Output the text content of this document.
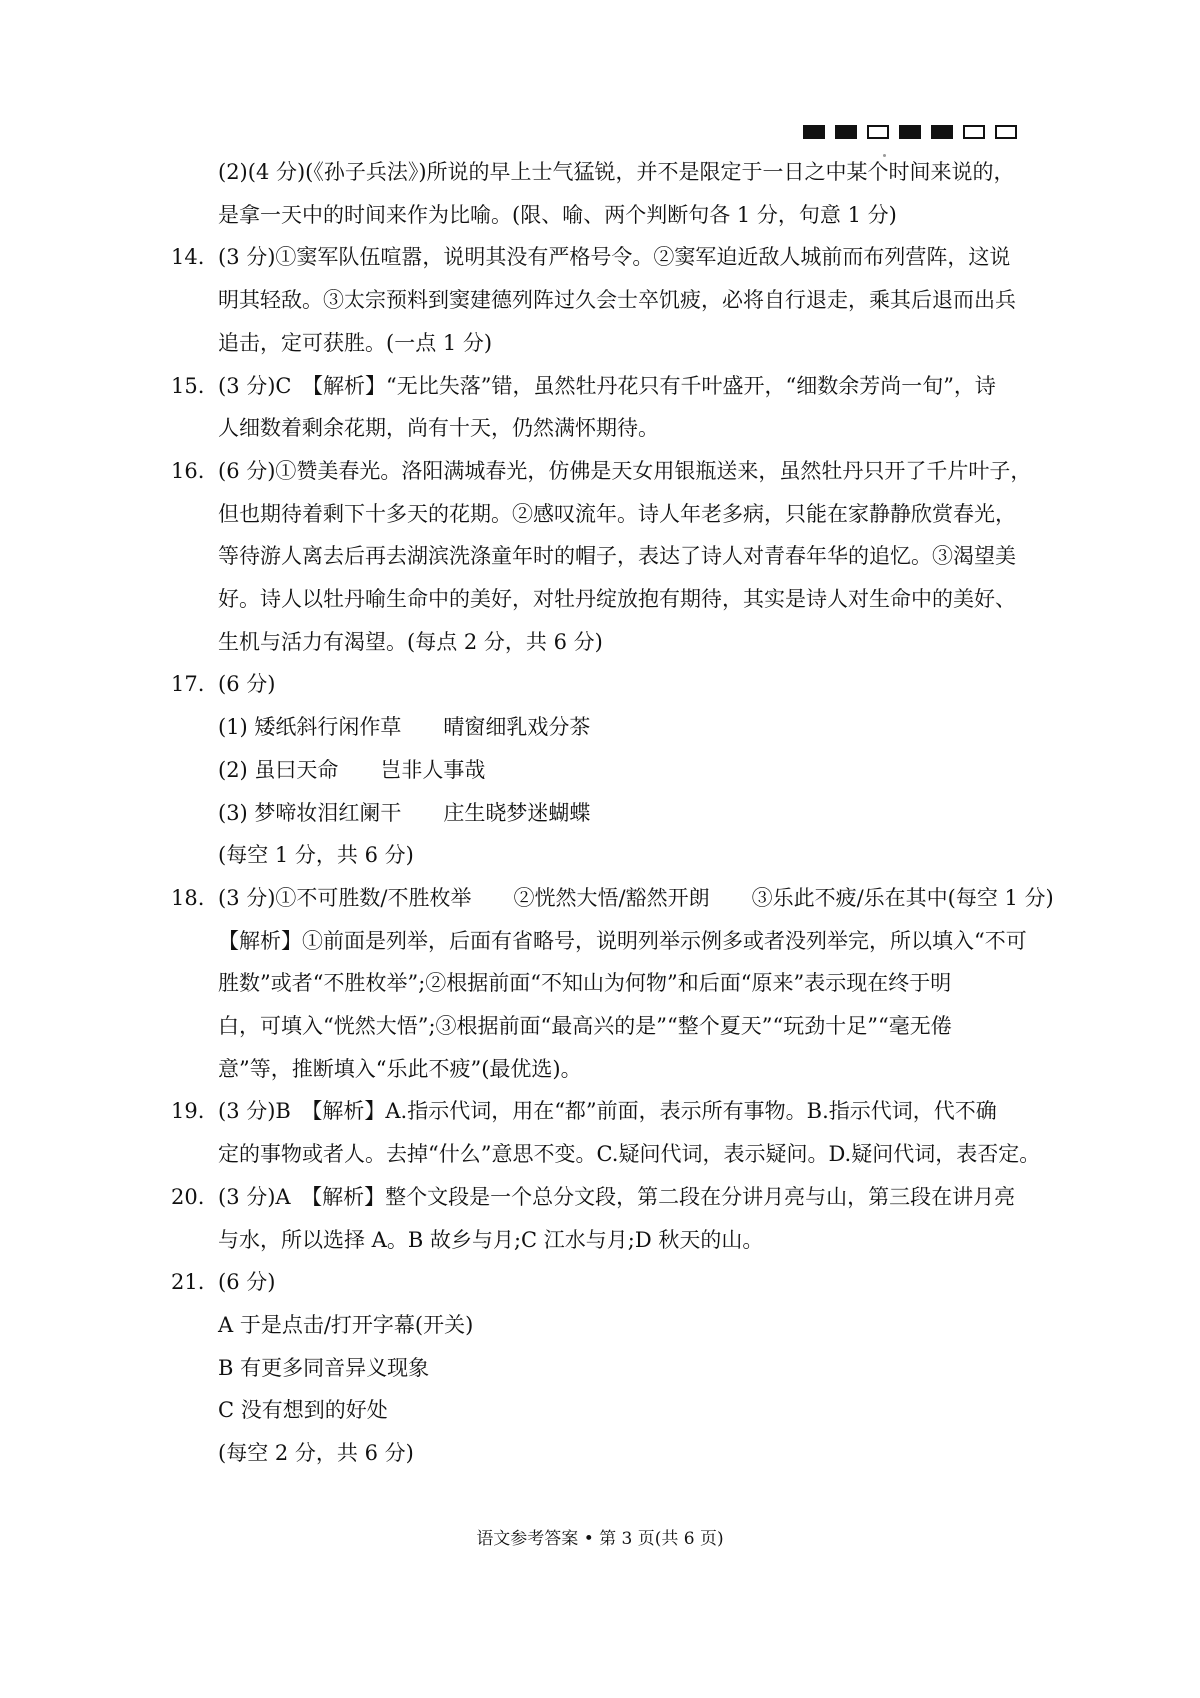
(2)(4 分)(《孙子兵法》)所说的早上士气猛锐，并不是限定于一日之中某个时间来说的，
是拿一天中的时间来作为比喻。(限、喻、两个判断句各 1 分，句意 1 分)
14. (3 分)①窦军队伍喧嚣，说明其没有严格号令。②窦军迫近敌人城前而布列营阵，这说
明其轻敌。③太宗预料到窦建德列阵过久会士卒饥疲，必将自行退走，乘其后退而出兵
追击，定可获胜。(一点 1 分)
15. (3 分)C　【解析】“无比失落”错，虽然牡丹花只有千叶盛开，“细数余芳尚一旬”，诗
人细数着剩余花期，尚有十天，仍然满怀期待。
16. (6 分)①赞美春光。洛阳满城春光，仿佛是天女用银瓶送来，虽然牡丹只开了千片叶子，
但也期待着剩下十多天的花期。②感叹流年。诗人年老多病，只能在家静静欣赏春光，
等待游人离去后再去湖滨洗涤童年时的帽子，表达了诗人对青春年华的追忆。③渴望美
好。诗人以牡丹喻生命中的美好，对牡丹绽放抱有期待，其实是诗人对生命中的美好、
生机与活力有渴望。(每点 2 分，共 6 分)
17. (6 分)
(1) 矮纸斜行闲作草　　晴窗细乳戏分茶
(2) 虽曰天命　　岂非人事哉
(3) 梦啼妆泪红阑干　　庄生晓梦迷蝴蝶
(每空 1 分，共 6 分)
18. (3 分)①不可胜数/不胜枚举　　②恍然大悟/豁然开朗　　③乐此不疲/乐在其中(每空 1 分)
【解析】①前面是列举，后面有省略号，说明列举示例多或者没列举完，所以填入“不可
胜数”或者“不胜枚举”;②根据前面“不知山为何物”和后面“原来”表示现在终于明
白，可填入“恍然大悟”;③根据前面“最高兴的是”“整个夏天”“玩劲十足”“毫无倦
意”等，推断填入“乐此不疲”(最优选)。
19. (3 分)B　【解析】A.指示代词，用在“都”前面，表示所有事物。B.指示代词，代不确
定的事物或者人。去掉“什么”意思不变。C.疑问代词，表示疑问。D.疑问代词，表否定。
20. (3 分)A　【解析】整个文段是一个总分文段，第二段在分讲月亮与山，第三段在讲月亮
与水，所以选择 A。B 故乡与月;C 江水与月;D 秋天的山。
21. (6 分)
A 于是点击/打开字幕(开关)
B 有更多同音异义现象
C 没有想到的好处
(每空 2 分，共 6 分)
语文参考答案 • 第 3 页(共 6 页)
